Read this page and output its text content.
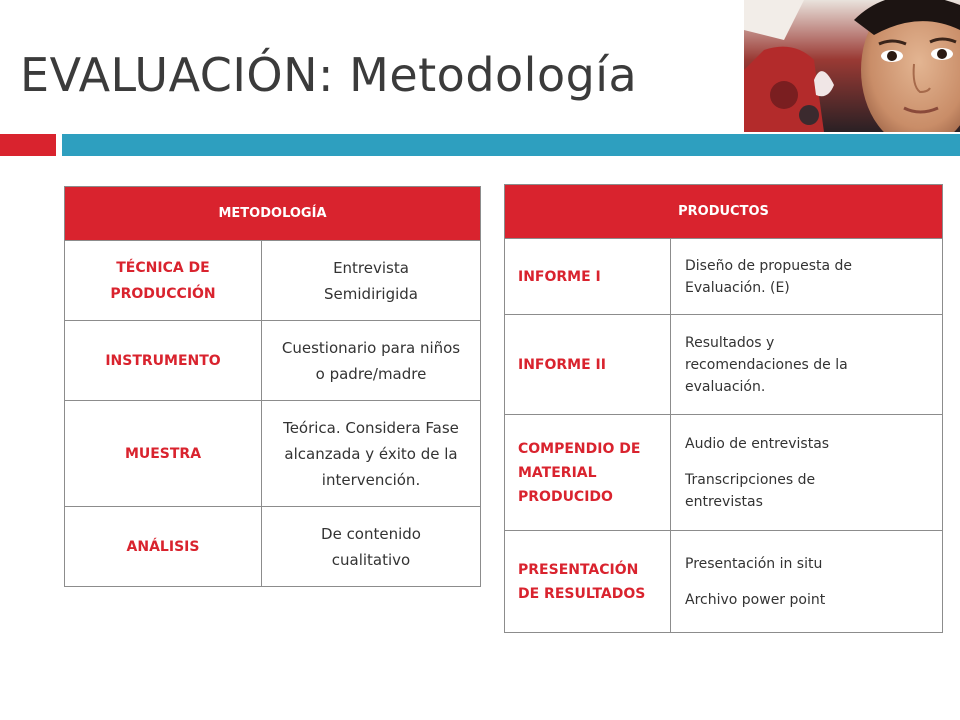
EVALUACIÓN: Metodología
METODOLOGÍA	
TÉCNICA DE PRODUCCIÓN	Entrevista Semidirigida
INSTRUMENTO	Cuestionario para niños o padre/madre
MUESTRA	Teórica. Considera Fase alcanzada y éxito de la intervención.
ANÁLISIS	De contenido cualitativo
PRODUCTOS	
INFORME I	Diseño de propuesta de Evaluación. (E)

INFORME II	Resultados y recomendaciones de la evaluación.

COMPENDIO DE MATERIAL PRODUCIDO	Audio de entrevistas
Transcripciones de entrevistas

PRESENTACIÓN DE RESULTADOS	Presentación in situ
Archivo power point
